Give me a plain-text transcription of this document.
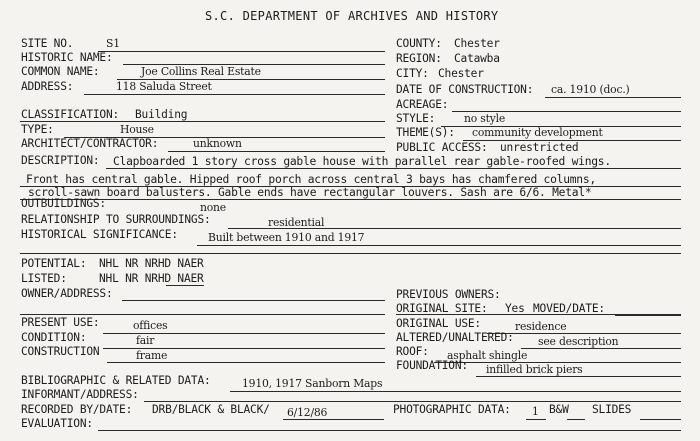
S.C. DEPARTMENT OF ARCHIVES AND HISTORY
SITE NO.	S1
HISTORIC NAME:
COMMON NAME:	Joe Collins Real Estate
ADDRESS:	118 Saluda Street
CLASSIFICATION: Building
TYPE:	House
ARCHITECT/CONTRACTOR:	unknown
COUNTY: Chester
REGION: Catawba
CITY: Chester
DATE OF CONSTRUCTION: ca. 1910 (doc.)
ACREAGE:
STYLE:	no style
THEME(S): community development
PUBLIC ACCESS: unrestricted
DESCRIPTION: Clapboarded 1 story cross gable house with parallel rear gable-roofed wings.
Front has central gable. Hipped roof porch across central 3 bays has chamfered columns,
scroll-sawn board balusters. Gable ends have rectangular louvers. Sash are 6/6. Metal*
OUTBUILDINGS:	none
RELATIONSHIP TO SURROUNDINGS:	residential
HISTORICAL SIGNIFICANCE:	Built between 1910 and 1917
POTENTIAL: NHL NR NRHD NAER
LISTED:	NHL NR NRHD NAER
OWNER/ADDRESS:
PRESENT USE:	offices
CONDITION:	fair
CONSTRUCTION	frame
PREVIOUS OWNERS:
ORIGINAL SITE: Yes MOVED/DATE:
ORIGINAL USE:	residence
ALTERED/UNALTERED: see description
ROOF: asphalt shingle
FOUNDATION: infilled brick piers
BIBLIOGRAPHIC & RELATED DATA:	1910, 1917 Sanborn Maps
INFORMANT/ADDRESS:
RECORDED BY/DATE: DRB/BLACK & BLACK/ 6/12/86	PHOTOGRAPHIC DATA: 1 B&W SLIDES
EVALUATION:
